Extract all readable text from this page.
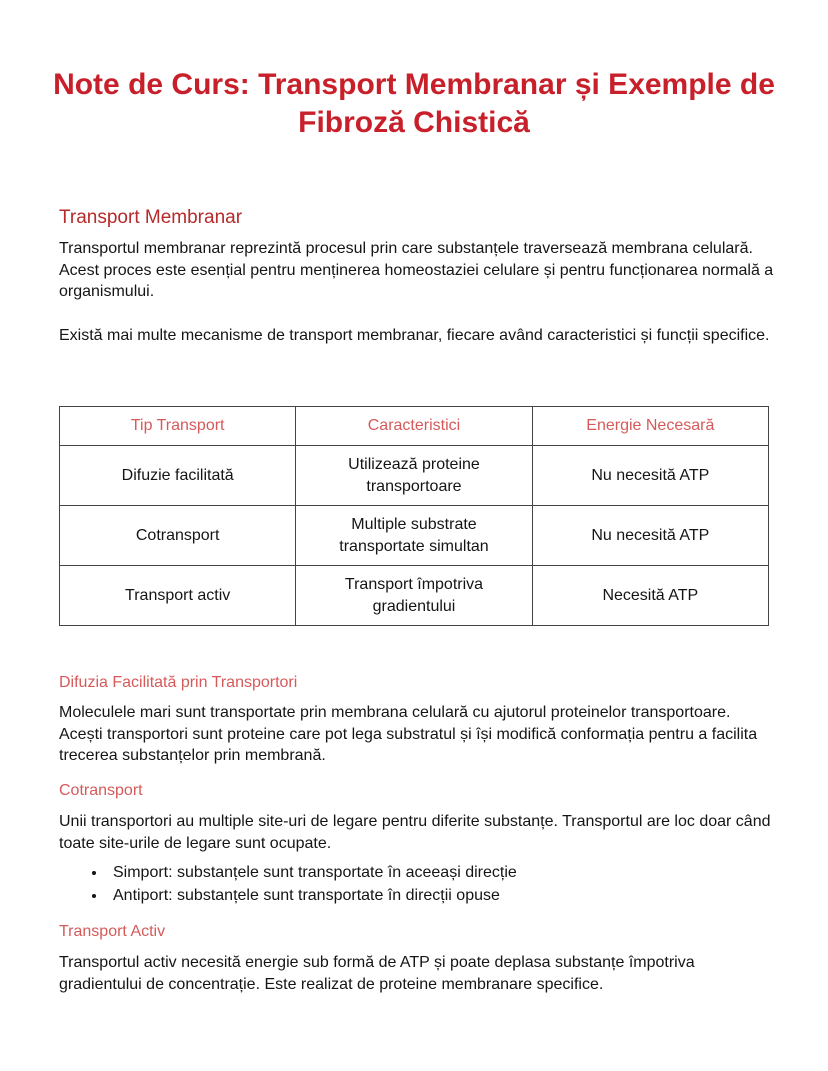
Note de Curs: Transport Membranar și Exemple de Fibroză Chistică
Transport Membranar

Transportul membranar reprezintă procesul prin care substanțele traversează membrana celulară. Acest proces este esențial pentru menținerea homeostaziei celulare și pentru funcționarea normală a organismului.

Există mai multe mecanisme de transport membranar, fiecare având caracteristici și funcții specifice.

Tip Transport	Caracteristici	Energie Necesară
Difuzie facilitată	Utilizează proteine transportoare	Nu necesită ATP
Cotransport	Multiple substrate transportate simultan	Nu necesită ATP
Transport activ	Transport împotriva gradientului	Necesită ATP
Difuzia Facilitată prin Transportori

Moleculele mari sunt transportate prin membrana celulară cu ajutorul proteinelor transportoare. Acești transportori sunt proteine care pot lega substratul și își modifică conformația pentru a facilita trecerea substanțelor prin membrană.

Cotransport

Unii transportori au multiple site-uri de legare pentru diferite substanțe. Transportul are loc doar când toate site-urile de legare sunt ocupate.

• Simport: substanțele sunt transportate în aceeași direcție
• Antiport: substanțele sunt transportate în direcții opuse
Transport Activ

Transportul activ necesită energie sub formă de ATP și poate deplasa substanțe împotriva gradientului de concentrație. Este realizat de proteine membranare specifice.
